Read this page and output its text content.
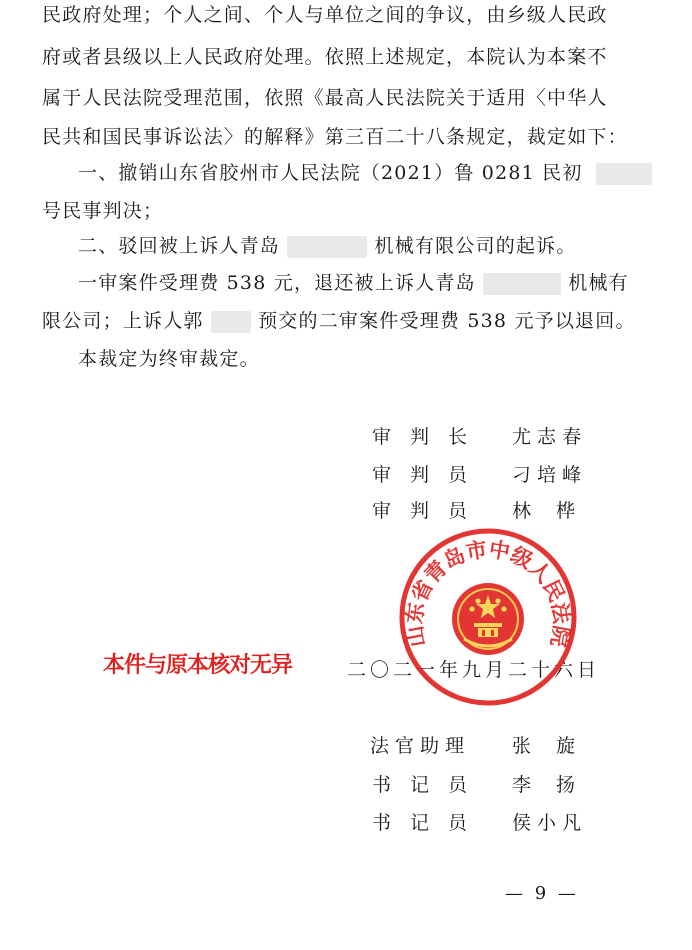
民政府处理；个人之间、个人与单位之间的争议，由乡级人民政
府或者县级以上人民政府处理。依照上述规定，本院认为本案不
属于人民法院受理范围，依照《最高人民法院关于适用〈中华人
民共和国民事诉讼法〉的解释》第三百二十八条规定，裁定如下：
一、撤销山东省胶州市人民法院（2021）鲁 0281 民初
号民事判决；
二、驳回被上诉人青岛	机械有限公司的起诉。
一审案件受理费 538 元，退还被上诉人青岛	机械有
限公司；上诉人郭	预交的二审案件受理费 538 元予以退回。
本裁定为终审裁定。
审　判　长 尤 志 春
审　判　员 刁 培 峰
审　判　员 林　 桦
本件与原本核对无异	二〇二一年九月二十六日
山东省青岛市中级人民法院
法官助理 张　 旋
书　记　员 李　 扬
书　记　员 侯 小 凡
— 9 —
